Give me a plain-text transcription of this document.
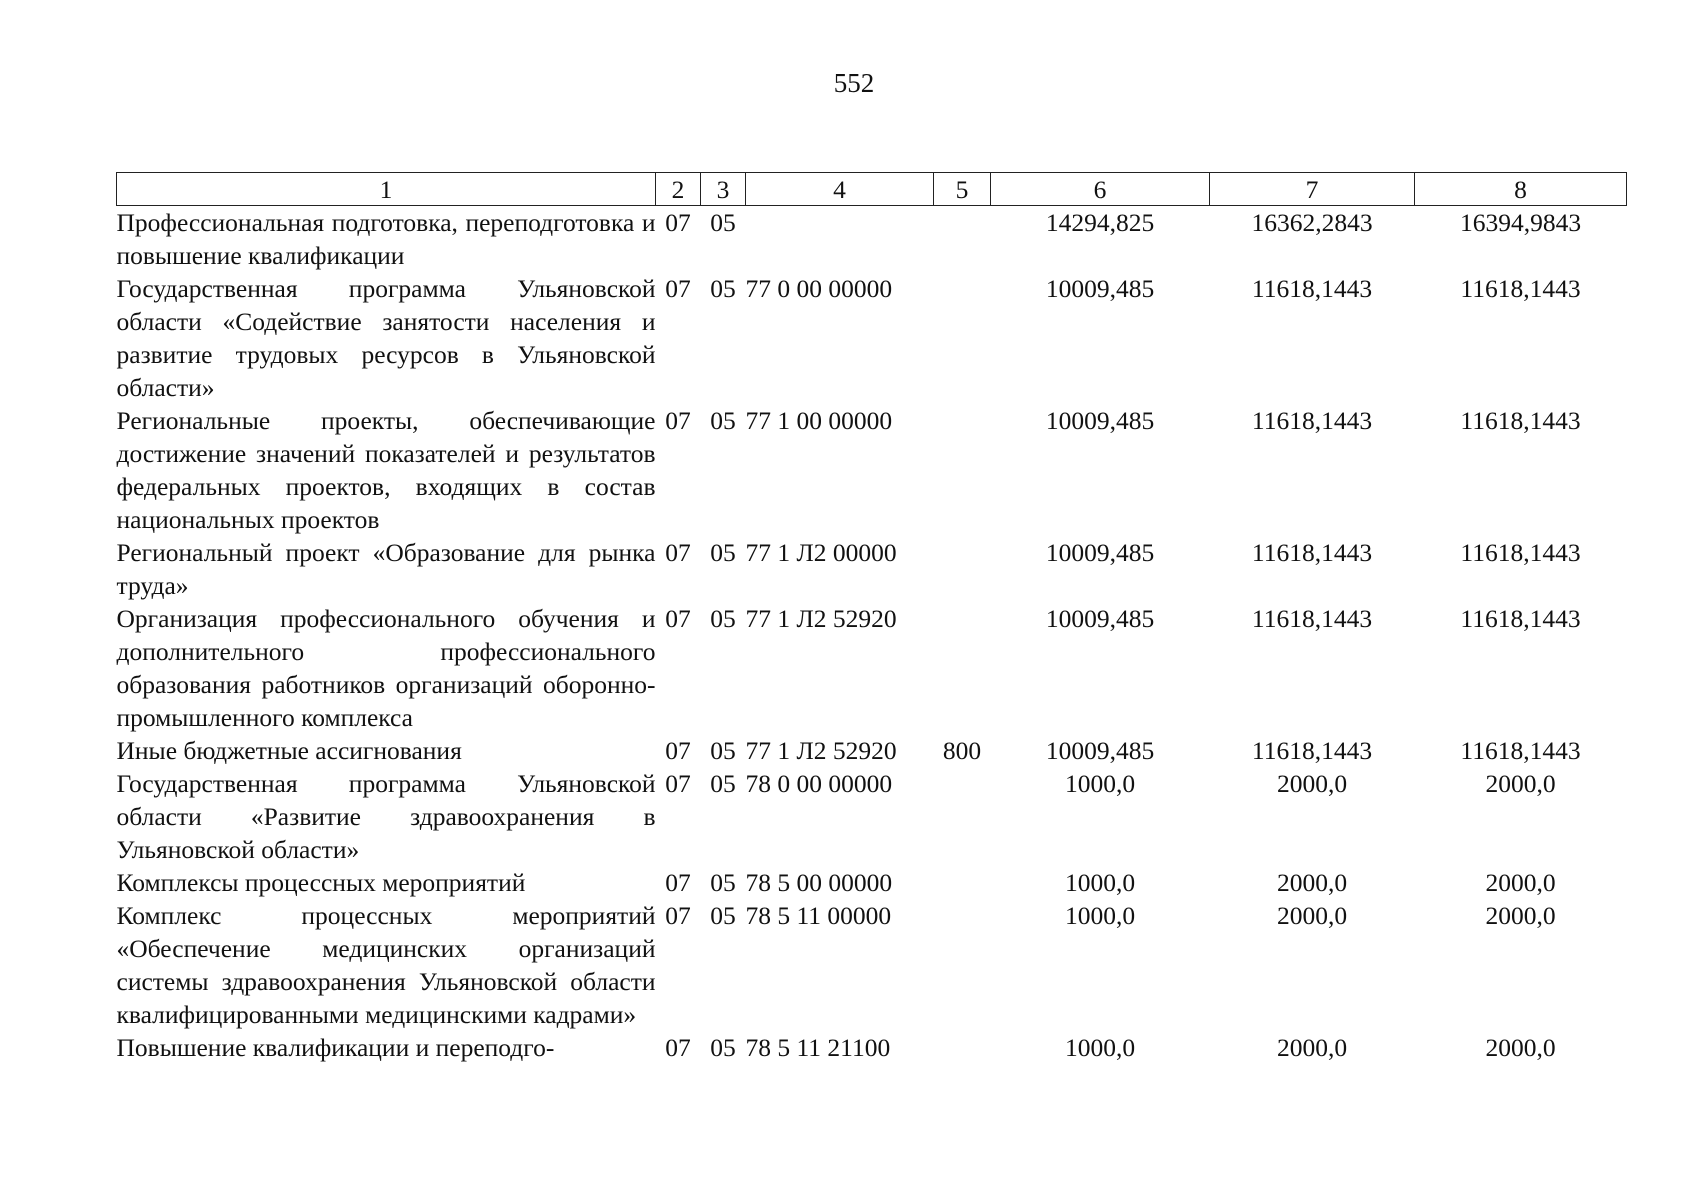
552
1	2	3	4	5	6	7	8
Профессиональная подготовка, переподготовка и повышение квалификации	07	05			14294,825	16362,2843	16394,9843
Государственная программа Ульяновской области «Содействие занятости населения и развитие трудовых ресурсов в Ульяновской области»	07	05	77 0 00 00000		10009,485	11618,1443	11618,1443
Региональные проекты, обеспечивающие достижение значений показателей и результатов федеральных проектов, входящих в состав национальных проектов	07	05	77 1 00 00000		10009,485	11618,1443	11618,1443
Региональный проект «Образование для рынка труда»	07	05	77 1 Л2 00000		10009,485	11618,1443	11618,1443
Организация профессионального обучения и дополнительного профессионального образования работников организаций оборонно-промышленного комплекса	07	05	77 1 Л2 52920		10009,485	11618,1443	11618,1443
Иные бюджетные ассигнования	07	05	77 1 Л2 52920	800	10009,485	11618,1443	11618,1443
Государственная программа Ульяновской области «Развитие здравоохранения в Ульяновской области»	07	05	78 0 00 00000		1000,0	2000,0	2000,0
Комплексы процессных мероприятий	07	05	78 5 00 00000		1000,0	2000,0	2000,0
Комплекс процессных мероприятий «Обеспечение медицинских организаций системы здравоохранения Ульяновской области квалифицированными медицинскими кадрами»	07	05	78 5 11 00000		1000,0	2000,0	2000,0
Повышение квалификации и переподго-	07	05	78 5 11 21100		1000,0	2000,0	2000,0
